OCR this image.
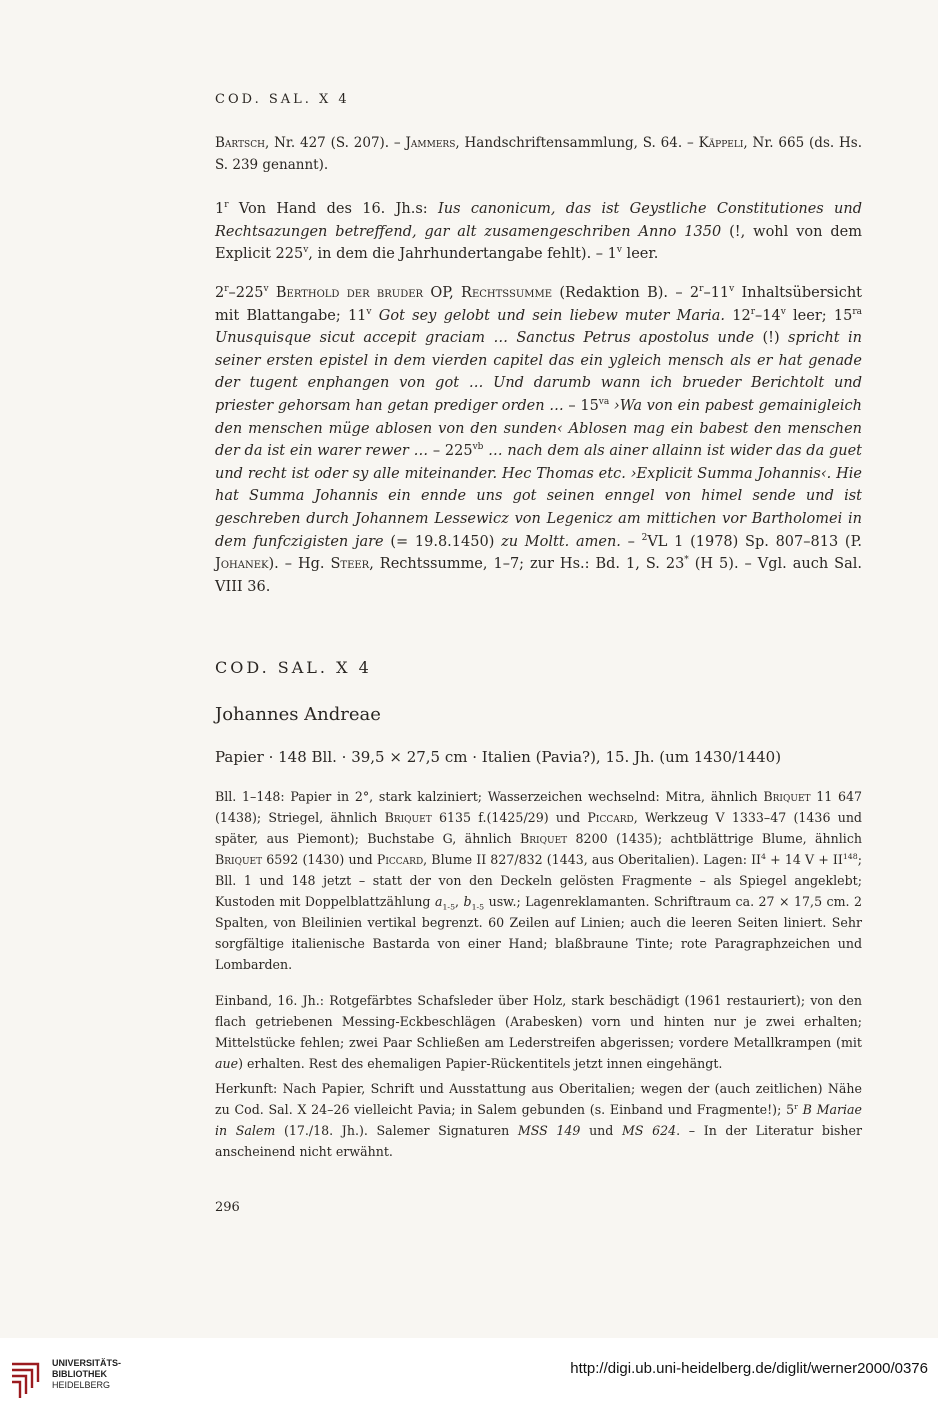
COD. SAL. X 4

Bartsch, Nr. 427 (S. 207). – Jammers, Handschriftensammlung, S. 64. – Käppeli, Nr. 665 (ds. Hs. S. 239 genannt).

1$^r$ Von Hand des 16. Jh.s: Ius canonicum, das ist Geystliche Constitutiones und Rechtsazungen betreffend, gar alt zusamengeschriben Anno 1350 (!, wohl von dem Explicit 225$^v$, in dem die Jahrhundertangabe fehlt). – 1$^v$ leer.

2$^r$–225$^v$ Berthold der bruder OP, Rechtssumme (Redaktion B). – 2$^r$–11$^v$ Inhaltsübersicht mit Blattangabe; 11$^v$ Got sey gelobt und sein liebew muter Maria. 12$^r$–14$^v$ leer; $15^{ra}$ Unusquisque sicut accepit graciam … Sanctus Petrus apostolus unde (!) spricht in seiner ersten epistel in dem vierden capitel das ein ygleich mensch als er hat genade der tugent enphangen von got … Und darumb wann ich brueder Berichtolt und priester gehorsam han getan prediger orden … – $15^{va}$ ›Wa von ein pabest gemainigleich den menschen müge ablosen von den sunden‹ Ablosen mag ein babest den menschen der da ist ein warer rewer … – $225^{vb}$ … nach dem als ainer allainn ist wider das da guet und recht ist oder sy alle miteinander. Hec Thomas etc. ›Explicit Summa Johannis‹. Hie hat Summa Johannis ein ennde uns got seinen enngel von himel sende und ist geschreben durch Johannem Lessewicz von Legenicz am mittichen vor Bartholomei in dem funfczigisten jare (= 19.8.1450) zu Moltt. amen. – $^2$VL 1 (1978) Sp. 807–813 (P. Johanek). – Hg. Steer, Rechtssumme, 1–7; zur Hs.: Bd. 1, S. 23* (H 5). – Vgl. auch Sal. VIII 36.

COD. SAL. X 4
Johannes Andreae
Papier · 148 Bll. · 39,5 × 27,5 cm · Italien (Pavia?), 15. Jh. (um 1430/1440)

Bll. 1–148: Papier in 2°, stark kalziniert; Wasserzeichen wechselnd: Mitra, ähnlich Briquet 11 647 (1438); Striegel, ähnlich Briquet 6135 f.(1425/29) und Piccard, Werkzeug V 1333–47 (1436 und später, aus Piemont); Buchstabe G, ähnlich Briquet 8200 (1435); achtblättrige Blume, ähnlich Briquet 6592 (1430) und Piccard, Blume II 827/832 (1443, aus Oberitalien). Lagen: $II^4 + 14$ $V + II^{148}$; Bll. 1 und 148 jetzt – statt der von den Deckeln gelösten Fragmente – als Spiegel angeklebt; Kustoden mit Doppelblattzählung $a_{1-5}$, $b_{1-5}$ usw.; Lagenreklamanten. Schriftraum ca. 27 × 17,5 cm. 2 Spalten, von Bleilinien vertikal begrenzt. 60 Zeilen auf Linien; auch die leeren Seiten liniert. Sehr sorgfältige italienische Bastarda von einer Hand; blaßbraune Tinte; rote Paragraphzeichen und Lombarden.

Einband, 16. Jh.: Rotgefärbtes Schafsleder über Holz, stark beschädigt (1961 restauriert); von den flach getriebenen Messing-Eckbeschlägen (Arabesken) vorn und hinten nur je zwei erhalten; Mittelstücke fehlen; zwei Paar Schließen am Lederstreifen abgerissen; vordere Metallkrampen (mit aue) erhalten. Rest des ehemaligen Papier-Rückentitels jetzt innen eingehängt.

Herkunft: Nach Papier, Schrift und Ausstattung aus Oberitalien; wegen der (auch zeitlichen) Nähe zu Cod. Sal. X 24–26 vielleicht Pavia; in Salem gebunden (s. Einband und Fragmente!); 5$^r$ B Mariae in Salem (17./18. Jh.). Salemer Signaturen MSS 149 und MS 624. – In der Literatur bisher anscheinend nicht erwähnt.

296
UNIVERSITÄTS-
BIBLIOTHEK
HEIDELBERG
http://digi.ub.uni-heidelberg.de/diglit/werner2000/0376
